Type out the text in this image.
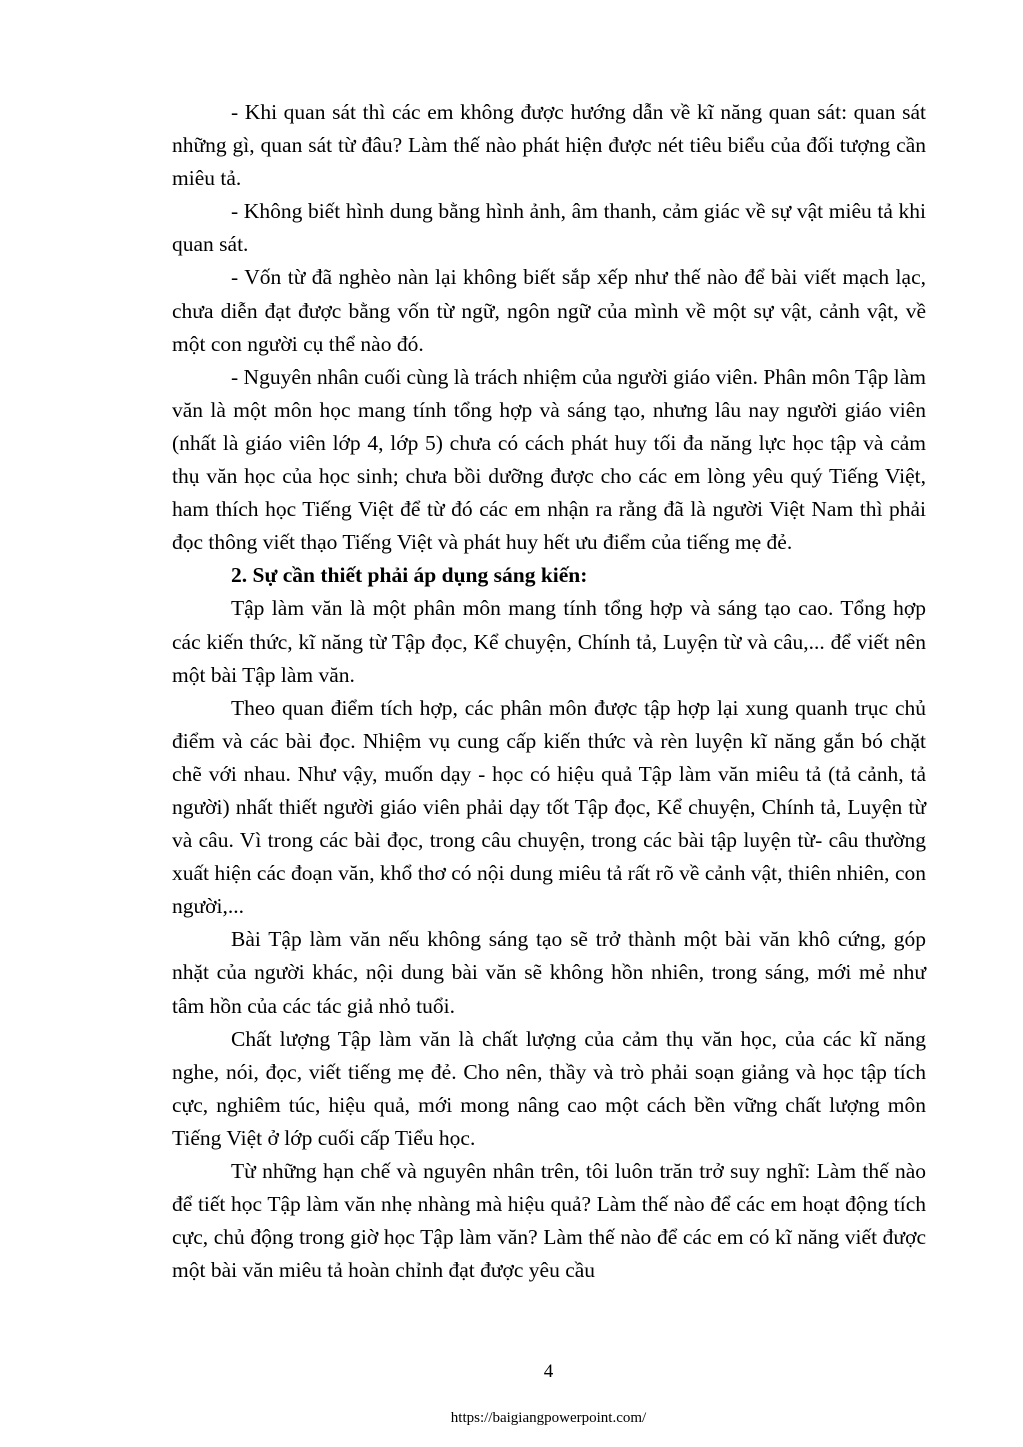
- Khi quan sát thì các em không được hướng dẫn về kĩ năng quan sát: quan sát những gì, quan sát từ đâu? Làm thế nào phát hiện được nét tiêu biểu của đối tượng cần miêu tả.

- Không biết hình dung bằng hình ảnh, âm thanh, cảm giác về sự vật miêu tả khi quan sát.

- Vốn từ đã nghèo nàn lại không biết sắp xếp như thế nào để bài viết mạch lạc, chưa diễn đạt được bằng vốn từ ngữ, ngôn ngữ của mình về một sự vật, cảnh vật, về một con người cụ thể nào đó.

- Nguyên nhân cuối cùng là trách nhiệm của người giáo viên. Phân môn Tập làm văn là một môn học mang tính tổng hợp và sáng tạo, nhưng lâu nay người giáo viên (nhất là giáo viên lớp 4, lớp 5) chưa có cách phát huy tối đa năng lực học tập và cảm thụ văn học của học sinh; chưa bồi dưỡng được cho các em lòng yêu quý Tiếng Việt, ham thích học Tiếng Việt để từ đó các em nhận ra rằng đã là người Việt Nam thì phải đọc thông viết thạo Tiếng Việt và phát huy hết ưu điểm của tiếng mẹ đẻ.

2. Sự cần thiết phải áp dụng sáng kiến:

Tập làm văn là một phân môn mang tính tổng hợp và sáng tạo cao. Tổng hợp các kiến thức, kĩ năng từ Tập đọc, Kể chuyện, Chính tả, Luyện từ và câu,... để viết nên một bài Tập làm văn.

Theo quan điểm tích hợp, các phân môn được tập hợp lại xung quanh trục chủ điểm và các bài đọc. Nhiệm vụ cung cấp kiến thức và rèn luyện kĩ năng gắn bó chặt chẽ với nhau. Như vậy, muốn dạy - học có hiệu quả Tập làm văn miêu tả (tả cảnh, tả người) nhất thiết người giáo viên phải dạy tốt Tập đọc, Kể chuyện, Chính tả, Luyện từ và câu. Vì trong các bài đọc, trong câu chuyện, trong các bài tập luyện từ- câu thường xuất hiện các đoạn văn, khổ thơ có nội dung miêu tả rất rõ về cảnh vật, thiên nhiên, con người,...

Bài Tập làm văn nếu không sáng tạo sẽ trở thành một bài văn khô cứng, góp nhặt của người khác, nội dung bài văn sẽ không hồn nhiên, trong sáng, mới mẻ như tâm hồn của các tác giả nhỏ tuổi.

Chất lượng Tập làm văn là chất lượng của cảm thụ văn học, của các kĩ năng nghe, nói, đọc, viết tiếng mẹ đẻ. Cho nên, thầy và trò phải soạn giảng và học tập tích cực, nghiêm túc, hiệu quả, mới mong nâng cao một cách bền vững chất lượng môn Tiếng Việt ở lớp cuối cấp Tiểu học.

Từ những hạn chế và nguyên nhân trên, tôi luôn trăn trở suy nghĩ: Làm thế nào để tiết học Tập làm văn nhẹ nhàng mà hiệu quả? Làm thế nào để các em hoạt động tích cực, chủ động trong giờ học Tập làm văn? Làm thế nào để các em có kĩ năng viết được một bài văn miêu tả hoàn chỉnh đạt được yêu cầu

4
https://baigiangpowerpoint.com/
